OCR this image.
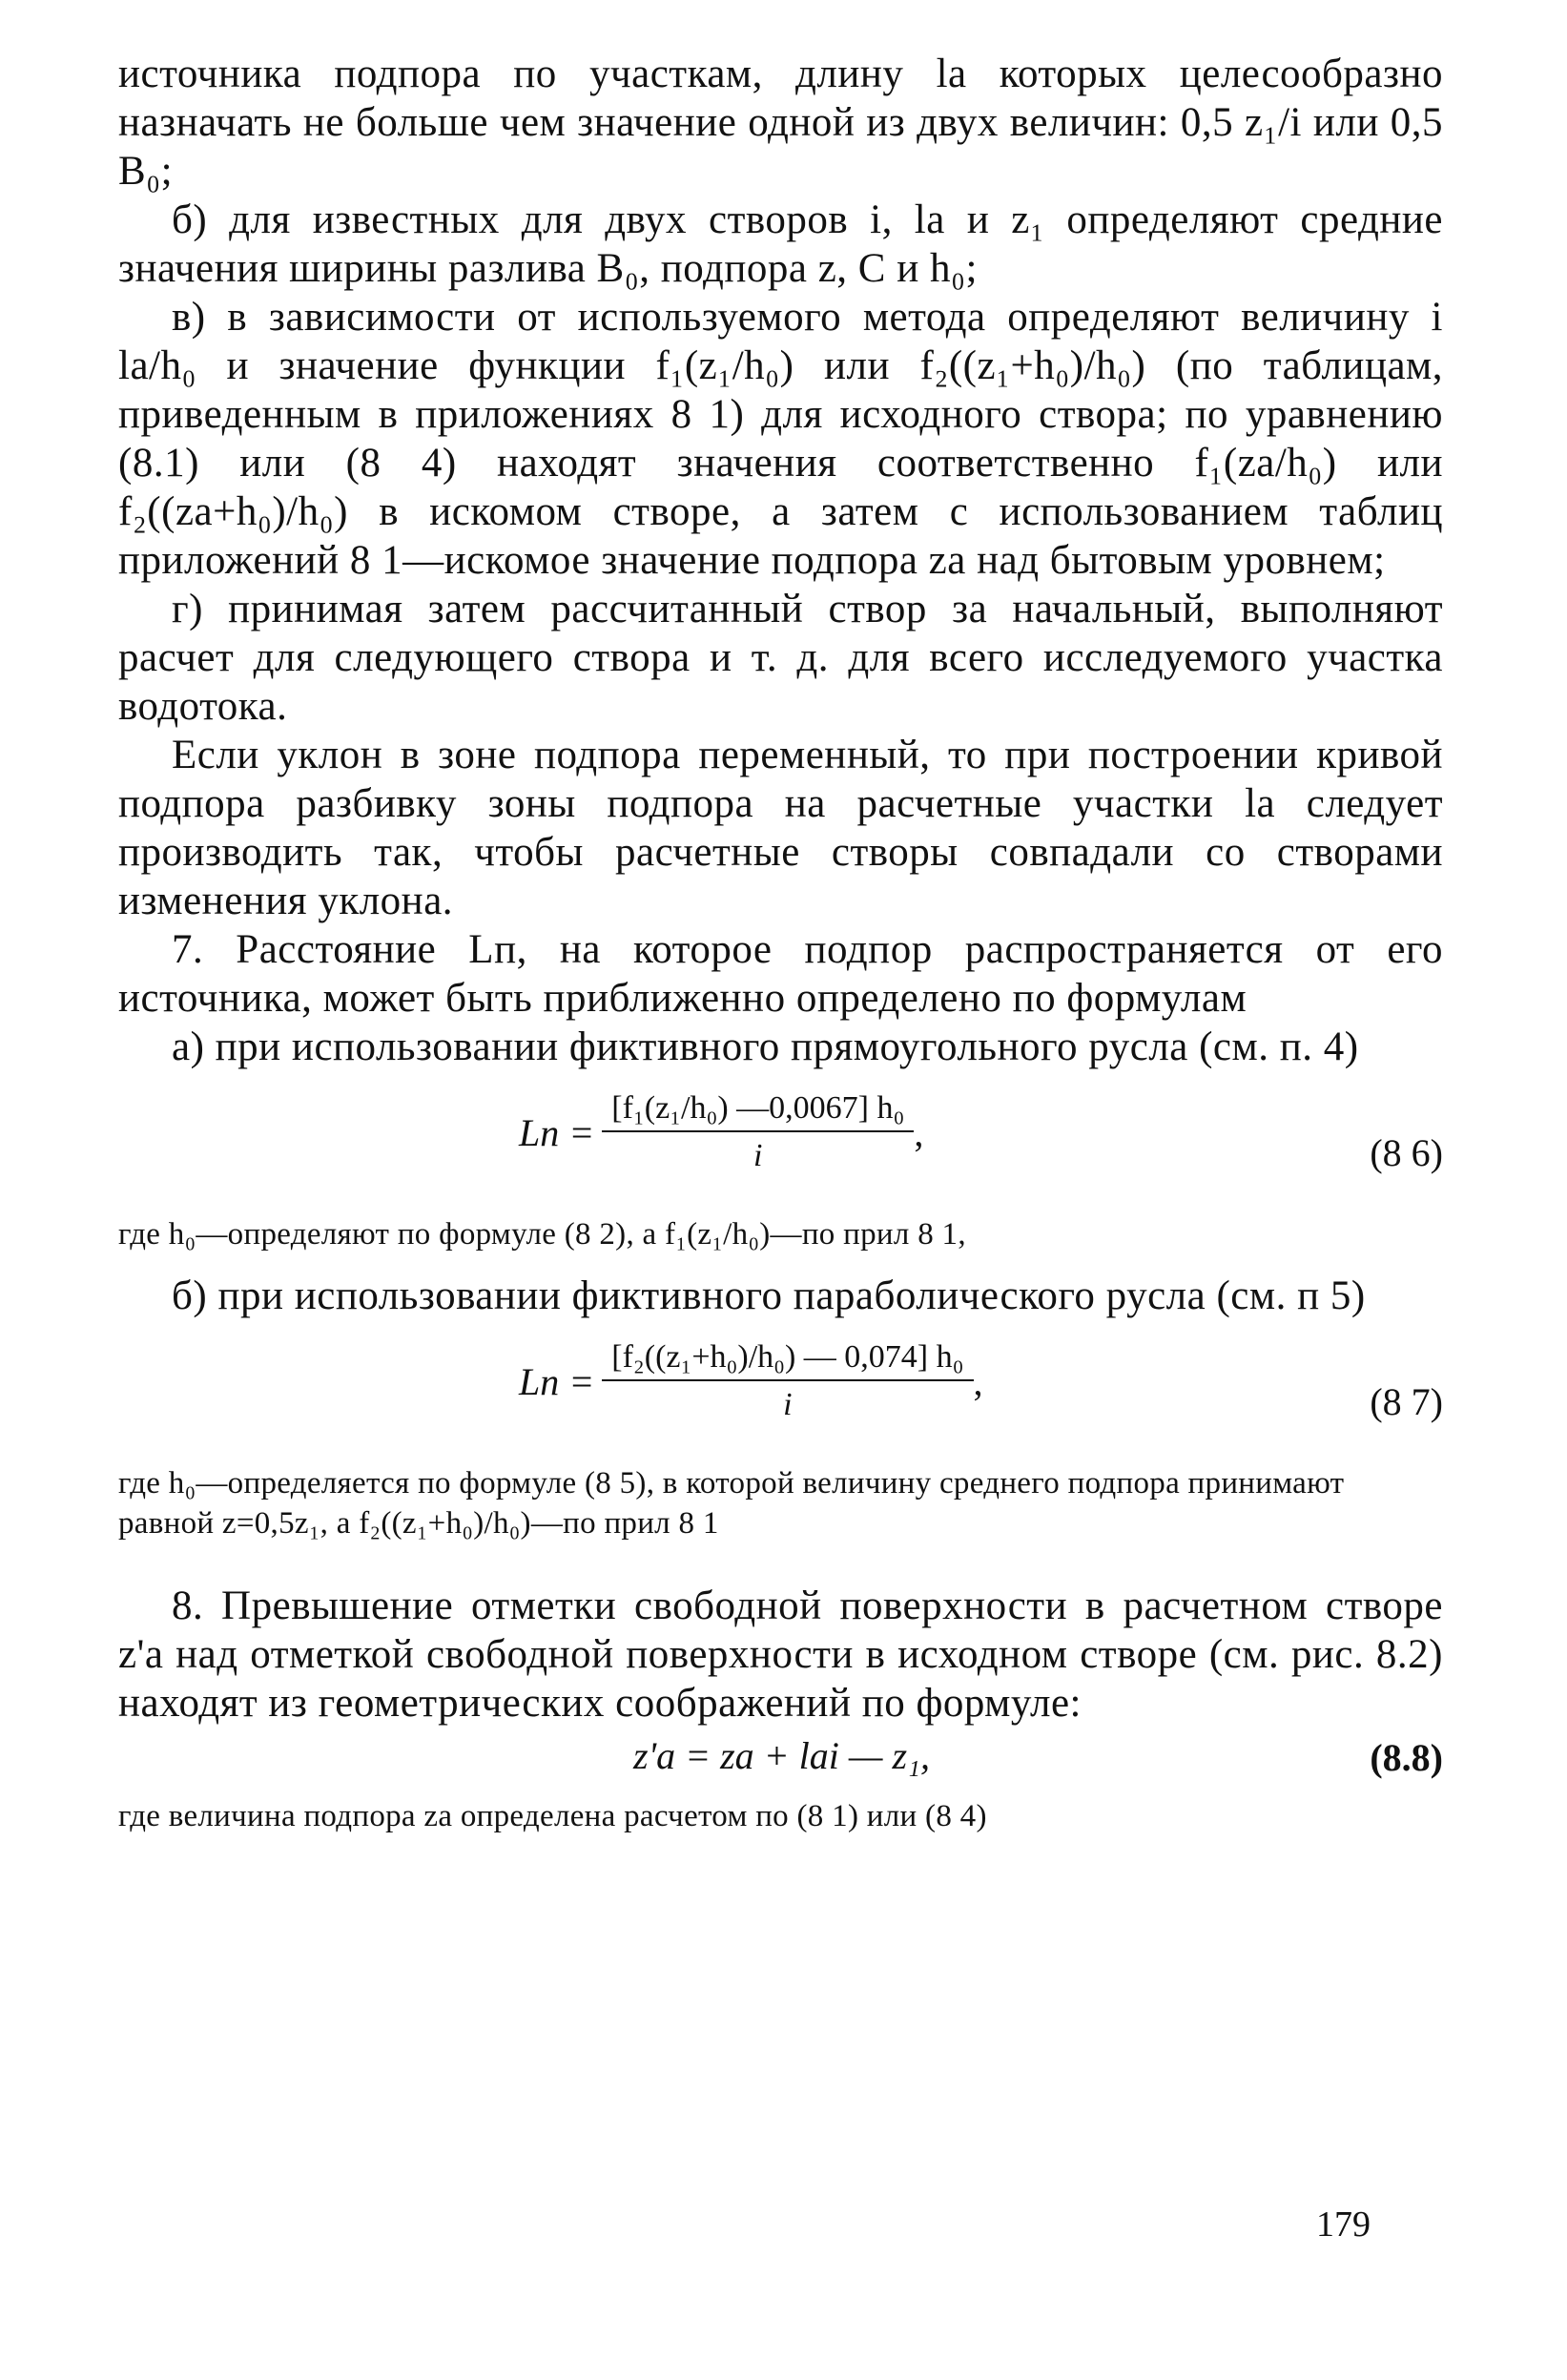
источника подпора по участкам, длину lа которых целесообразно назначать не больше чем значение одной из двух величин: 0,5 z₁/i или 0,5 B₀;

б) для известных для двух створов i, lа и z₁ определяют средние значения ширины разлива B₀, подпора z, C и h₀;

в) в зависимости от используемого метода определяют величину i lа/h₀ и значение функции f₁(z₁/h₀) или f₂((z₁+h₀)/h₀) (по таблицам, приведенным в приложениях 8 1) для исходного створа; по уравнению (8.1) или (8 4) находят значения соответственно f₁(zа/h₀) или f₂((zа+h₀)/h₀) в искомом створе, а затем с использованием таблиц приложений 8 1—искомое значение подпора zа над бытовым уровнем;

г) принимая затем рассчитанный створ за начальный, выполняют расчет для следующего створа и т. д. для всего исследуемого участка водотока.

Если уклон в зоне подпора переменный, то при построении кривой подпора разбивку зоны подпора на расчетные участки lа следует производить так, чтобы расчетные створы совпадали со створами изменения уклона.

7. Расстояние Lп, на которое подпор распространяется от его источника, может быть приближенно определено по формулам

а) при использовании фиктивного прямоугольного русла (см. п. 4)

Lп = $\frac{\text{[f₁(z₁/h₀) —0,0067] h₀}}{i}$ ,	(8 6)

где h₀—определяют по формуле (8 2), а f₁(z₁/h₀)—по прил 8 1,

б) при использовании фиктивного параболического русла (см. п 5)

Lп = $\frac{\text{[f₂((z₁+h₀)/h₀) — 0,074] h₀}}{i}$ ,	(8 7)

где h₀—определяется по формуле (8 5), в которой величину среднего подпора принимают равной z=0,5z₁, а f₂((z₁+h₀)/h₀)—по прил 8 1

8. Превышение отметки свободной поверхности в расчетном створе z'а над отметкой свободной поверхности в исходном створе (см. рис. 8.2) находят из геометрических соображений по формуле:

z'а = zа + lаi — z₁,	(8.8)

где величина подпора zа определена расчетом по (8 1) или (8 4)

179
